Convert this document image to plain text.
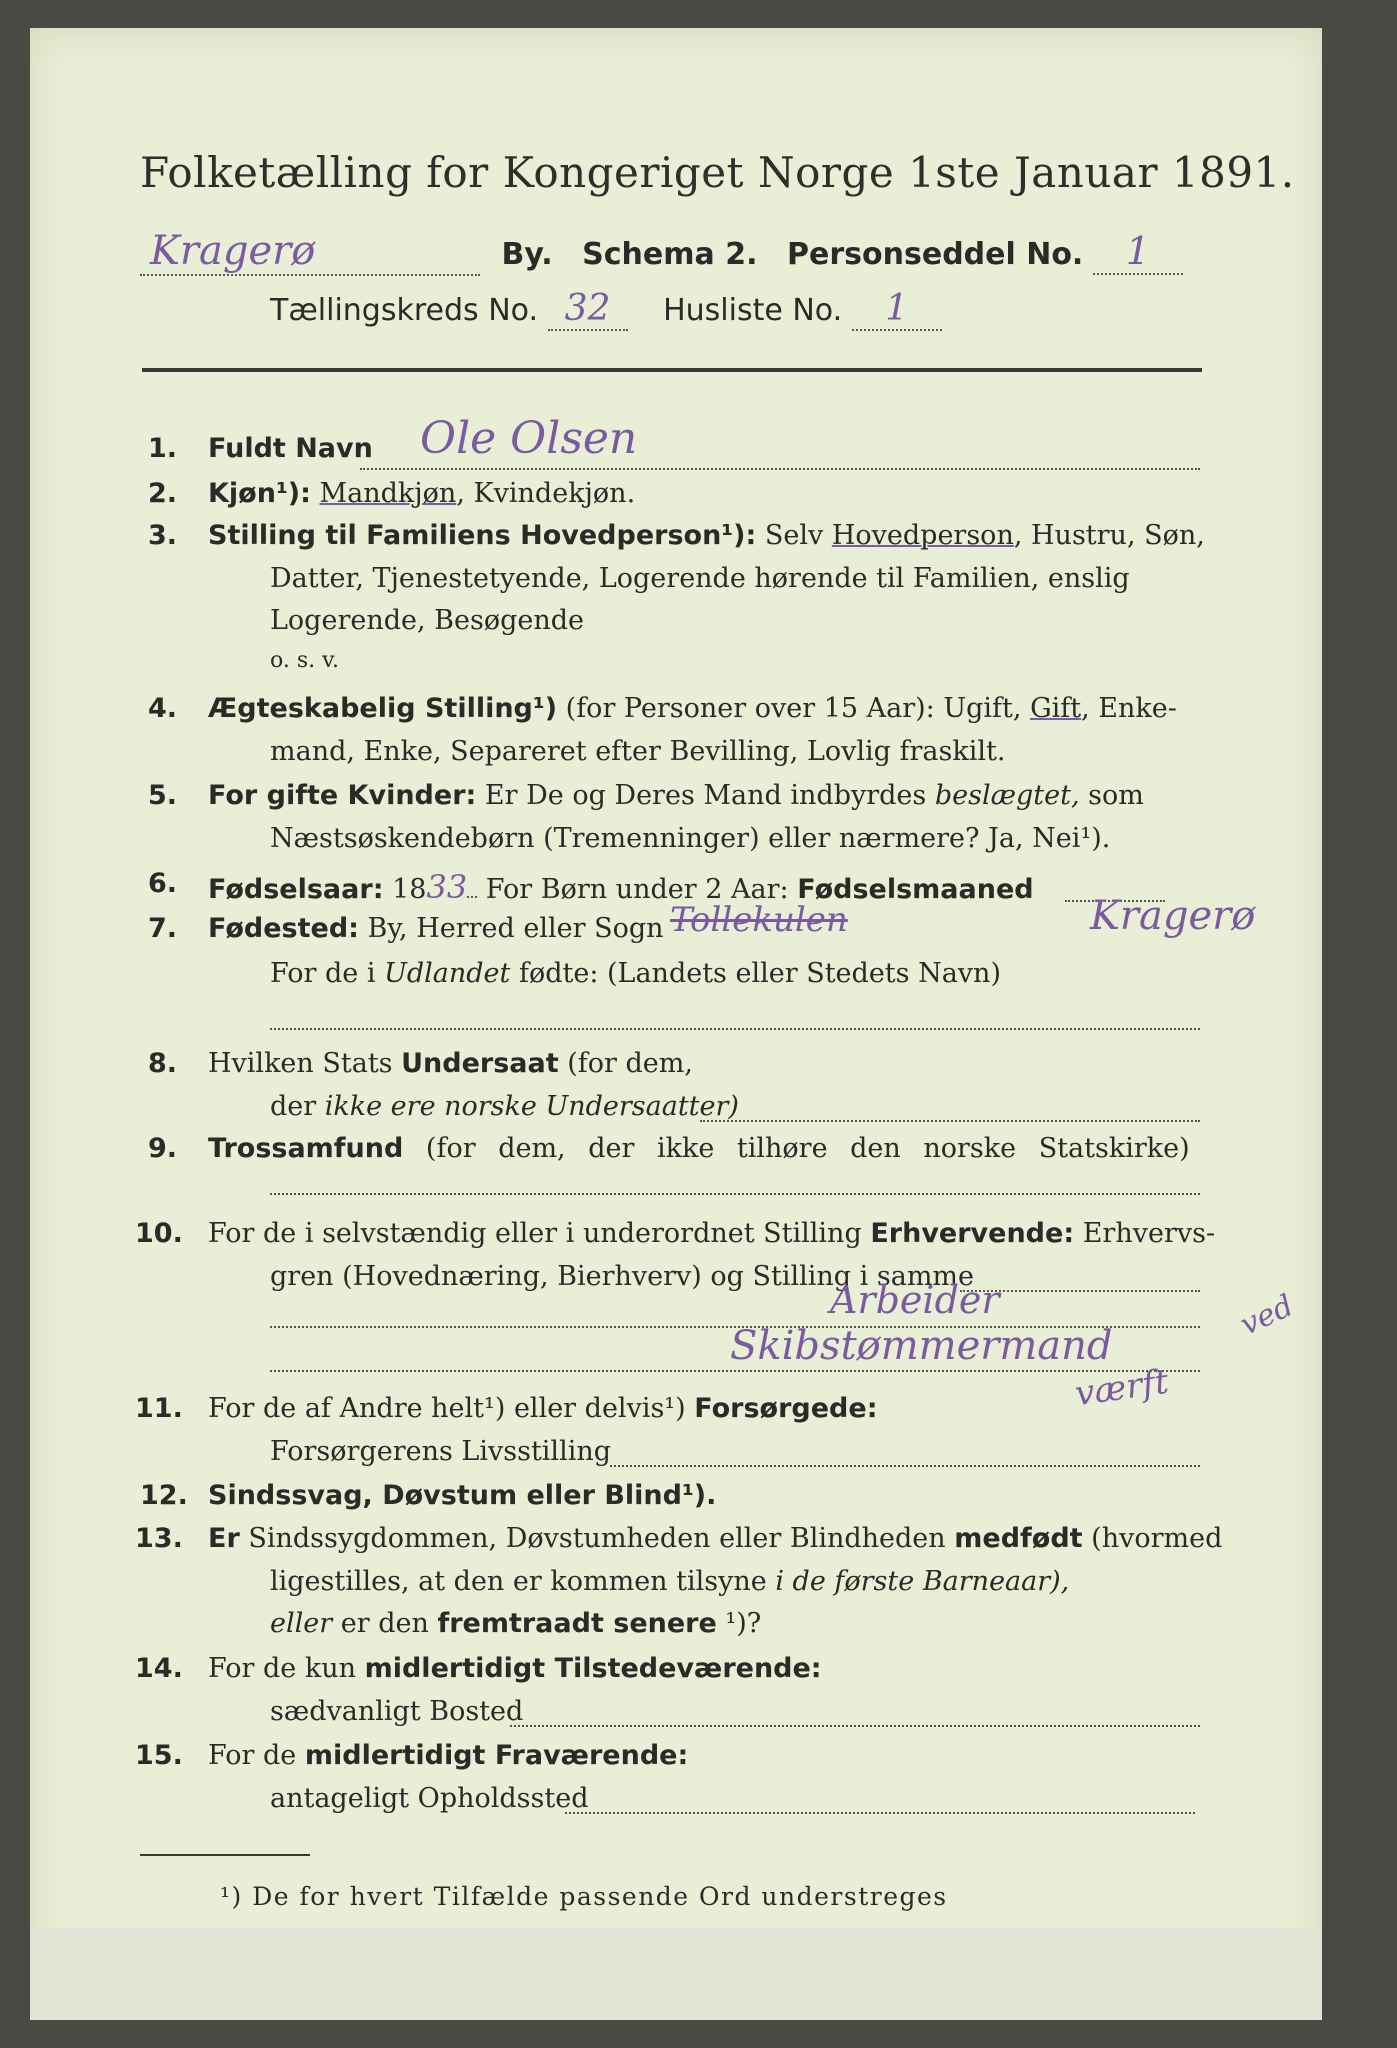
Folketælling for Kongeriget Norge 1ste Januar 1891.
Kragerø	By. Schema 2. Personseddel No. 1
Tællingskreds No. 32 Husliste No. 1
1. Fuldt Navn Ole Olsen
2. Kjøn¹): Mandkjøn, Kvindekjøn.
3. Stilling til Familiens Hovedperson¹): Selv Hovedperson, Hustru, Søn,
Datter, Tjenestetyende, Logerende hørende til Familien, enslig
Logerende, Besøgende
o. s. v.
4. Ægteskabelig Stilling¹) (for Personer over 15 Aar): Ugift, Gift, Enke-
mand, Enke, Separeret efter Bevilling, Lovlig fraskilt.
5. For gifte Kvinder: Er De og Deres Mand indbyrdes beslægtet, som
Næstsøskendebørn (Tremenninger) eller nærmere? Ja, Nei¹).
6. Fødselsaar: 1833 For Børn under 2 Aar: Fødselsmaaned
7. Fødested: By, Herred eller Sogn Tollekulen	Kragerø
For de i Udlandet fødte: (Landets eller Stedets Navn)
8. Hvilken Stats Undersaat (for dem,
der ikke ere norske Undersaatter)
9. Trossamfund (for dem, der ikke tilhøre den norske Statskirke)
10. For de i selvstændig eller i underordnet Stilling Erhvervende: Erhvervs-
gren (Hovednæring, Bierhverv) og Stilling i samme
Arbeider
Skibstømmermand
ved
11. For de af Andre helt¹) eller delvis¹) Forsørgede:
Forsørgerens Livsstilling
værft
12. Sindssvag, Døvstum eller Blind¹).
13. Er Sindssygdommen, Døvstumheden eller Blindheden medfødt (hvormed
ligestilles, at den er kommen tilsyne i de første Barneaar),
eller er den fremtraadt senere ¹)?
14. For de kun midlertidigt Tilstedeværende:
sædvanligt Bosted
15. For de midlertidigt Fraværende:
antageligt Opholdssted
¹) De for hvert Tilfælde passende Ord understreges
